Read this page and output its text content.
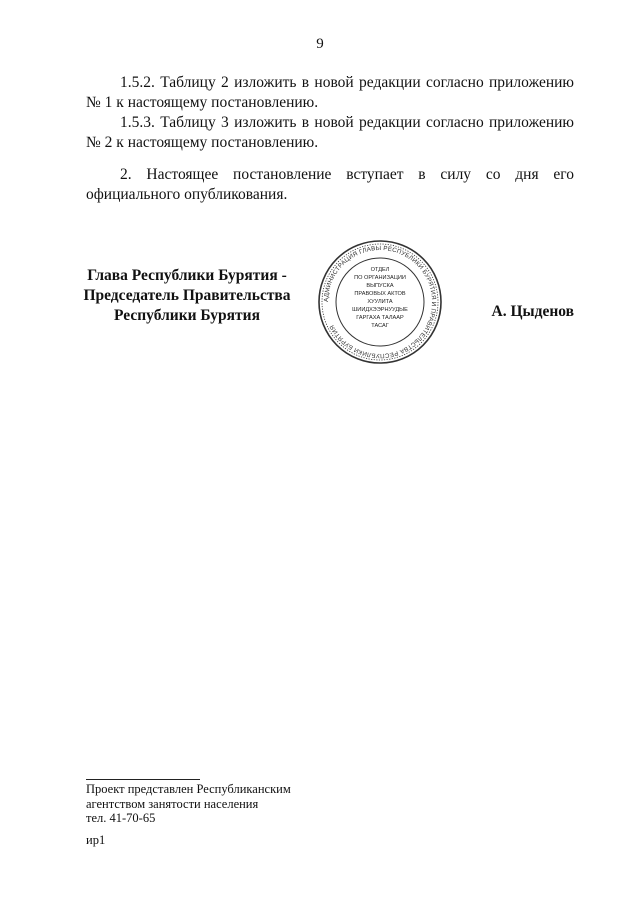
9

1.5.2. Таблицу 2 изложить в новой редакции согласно приложению № 1 к настоящему постановлению.

1.5.3. Таблицу 3 изложить в новой редакции согласно приложению № 2 к настоящему постановлению.

2. Настоящее постановление вступает в силу со дня его официального опубликования.

Глава Республики Бурятия -
Председатель Правительства
Республики Бурятия
АДМИНИСТРАЦИЯ ГЛАВЫ РЕСПУБЛИКИ БУРЯТИЯ И ПРАВИТЕЛЬСТВА РЕСПУБЛИКИ БУРЯТИЯ
ОТДЕЛ
ПО ОРГАНИЗАЦИИ
ВЫПУСКА
ПРАВОВЫХ АКТОВ
ХУУЛИТА
ШИИДХЭЭРНУУДЫЕ
ГАРГАХА ТАЛААР
ТАСАГ
А. Цыденов
Проект представлен Республиканским
агентством занятости населения
тел. 41-70-65
ир1
